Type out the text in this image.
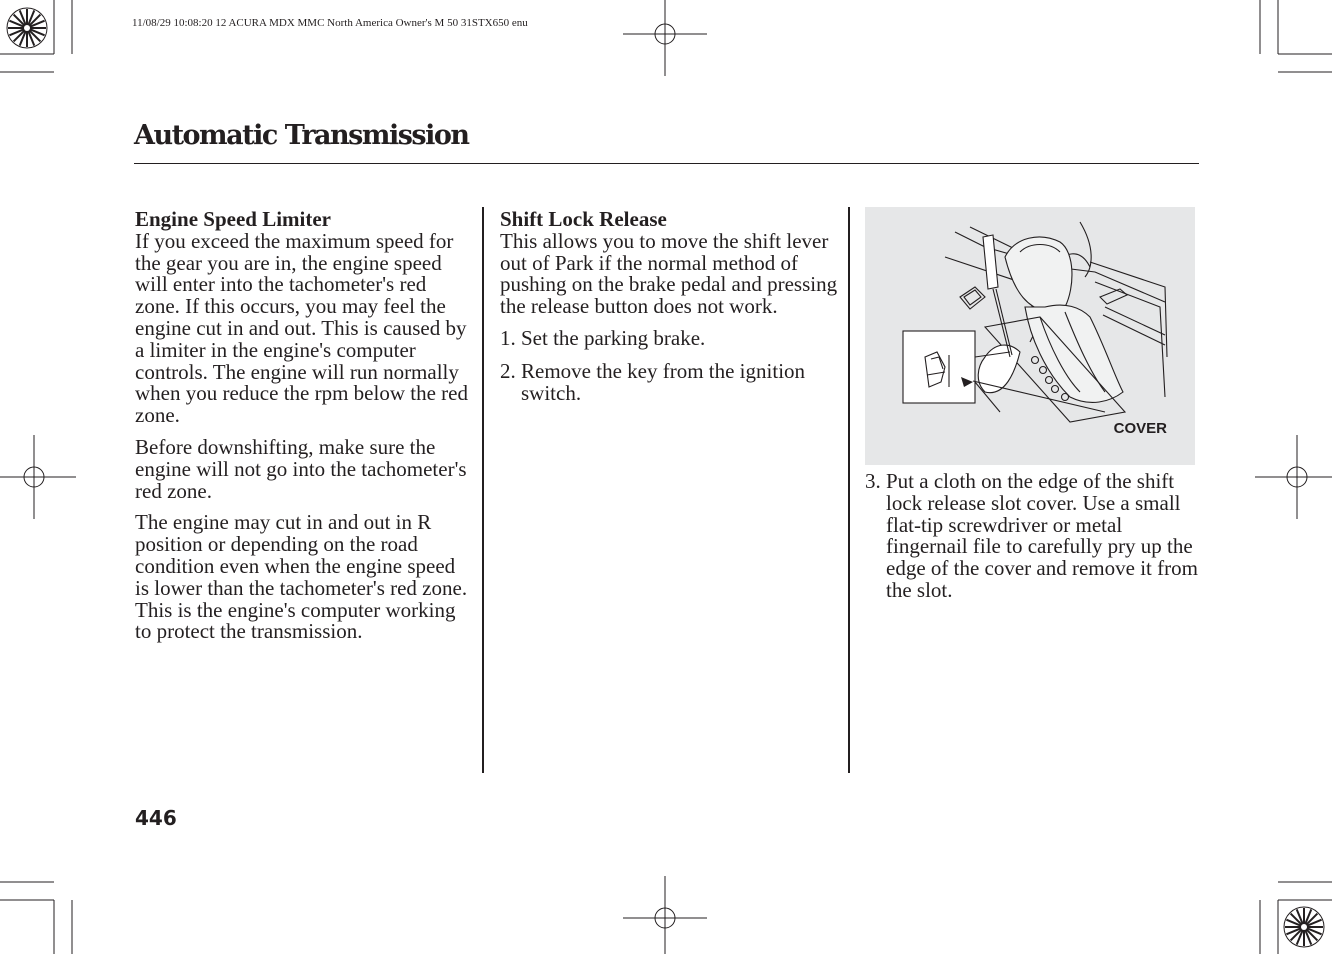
11/08/29 10:08:20 12 ACURA MDX MMC North America Owner's M 50 31STX650 enu
Automatic Transmission
Engine Speed Limiter

If you exceed the maximum speed for the gear you are in, the engine speed will enter into the tachometer's red zone. If this occurs, you may feel the engine cut in and out. This is caused by a limiter in the engine's computer controls. The engine will run normally when you reduce the rpm below the red zone.

Before downshifting, make sure the engine will not go into the tachometer's red zone.

The engine may cut in and out in R position or depending on the road condition even when the engine speed is lower than the tachometer's red zone. This is the engine's computer working to protect the transmission.

Shift Lock Release

This allows you to move the shift lever out of Park if the normal method of pushing on the brake pedal and pressing the release button does not work.

1. Set the parking brake.
2. Remove the key from the ignition switch.
COVER
3. Put a cloth on the edge of the shift lock release slot cover. Use a small flat-tip screwdriver or metal fingernail file to carefully pry up the edge of the cover and remove it from the slot.
446
